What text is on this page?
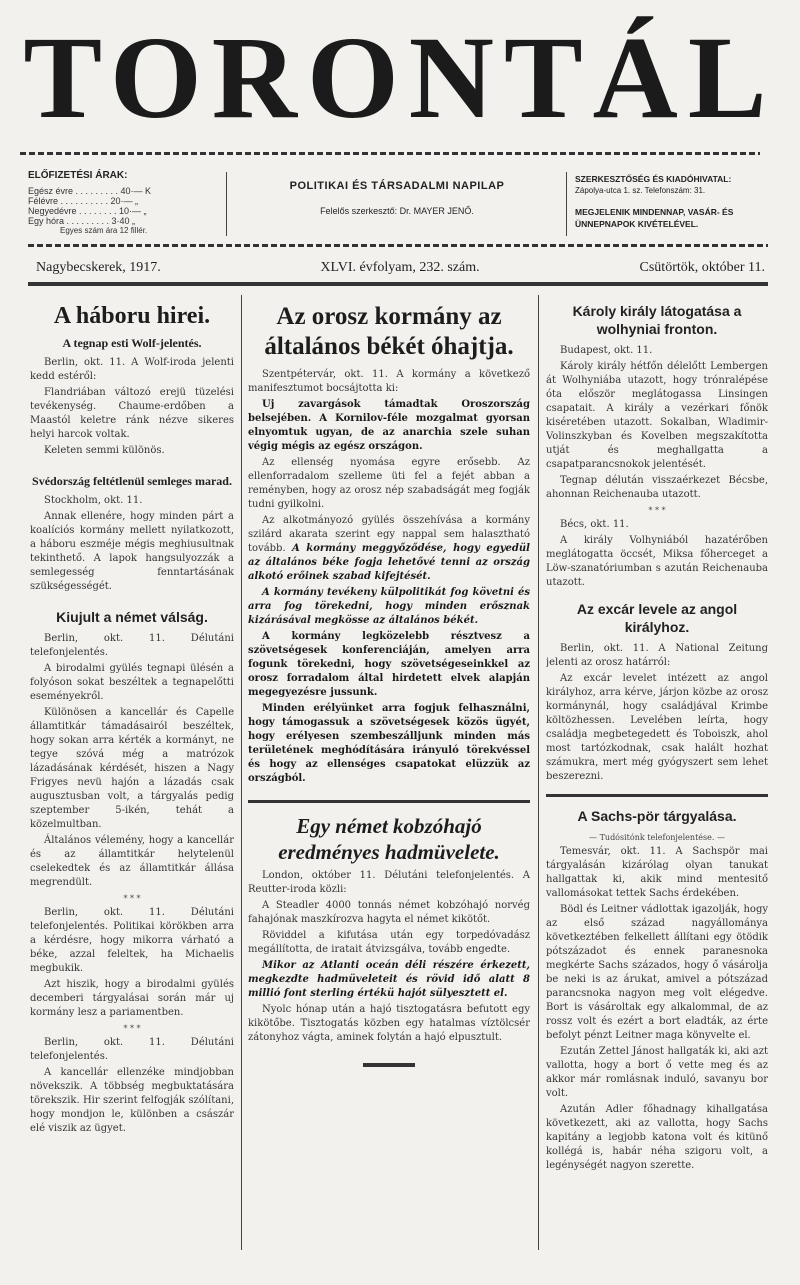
TORONTÁL
ELŐFIZETÉSI ÁRAK:
Egész évre . . . . . . . . . 40·— K
Félévre . . . . . . . . . . 20·— „
Negyedévre . . . . . . . . 10·— „
Egy hóra . . . . . . . . . 3·40 „
Egyes szám ára 12 fillér.
POLITIKAI ÉS TÁRSADALMI NAPILAP
Felelős szerkesztő: Dr. MAYER JENŐ.
SZERKESZTŐSÉG ÉS KIADÓHIVATAL:
Zápolya-utca 1. sz. Telefonszám: 31.
MEGJELENIK MINDENNAP, VASÁR- ÉS ÜNNEPNAPOK KIVÉTELÉVEL.
Nagybecskerek, 1917.	XLVI. évfolyam, 232. szám.	Csütörtök, október 11.
A háboru hirei.
A tegnap esti Wolf-jelentés.

Berlin, okt. 11. A Wolf-iroda jelenti kedd estéről:

Flandriában változó erejü tüzelési tevékenység. Chaume-erdőben a Maastól keletre ránk nézve sikeres helyi harcok voltak.

Keleten semmi különös.

Svédország feltétlenül semleges marad.

Stockholm, okt. 11.

Annak ellenére, hogy minden párt a koalíciós kormány mellett nyilatkozott, a háboru eszméje mégis meghiusultnak tekinthető. A lapok hangsulyozzák a semlegesség fenntartásának szükségességét.

Kiujult a német válság.

Berlin, okt. 11. Délutáni telefonjelentés.

A birodalmi gyülés tegnapi ülésén a folyóson sokat beszéltek a tegnapelőtti eseményekről.

Különösen a kancellár és Capelle államtitkár támadásairól beszéltek, hogy sokan arra kérték a kormányt, ne tegye szóvá még a matrózok lázadásának kérdését, hiszen a Nagy Frigyes nevü hajón a lázadás csak augusztusban volt, a tárgyalás pedig szeptember 5-ikén, tehát a közelmultban.

Általános vélemény, hogy a kancellár és az államtitkár helytelenül cselekedtek és az államtitkár állása megrendült.

* * *

Berlin, okt. 11. Délutáni telefonjelentés. Politikai körökben arra a kérdésre, hogy mikorra várható a béke, azzal feleltek, ha Michaelis megbukik.

Azt hiszik, hogy a birodalmi gyülés decemberi tárgyalásai során már uj kormány lesz a pariamentben.

* * *

Berlin, okt. 11. Délutáni telefonjelentés.

A kancellár ellenzéke mindjobban növekszik. A többség megbuktatására törekszik. Hir szerint felfogják szólítani, hogy mondjon le, különben a császár elé viszik az ügyet.

Az orosz kormány az általános békét óhajtja.

Szentpétervár, okt. 11. A kormány a következő manifesztumot bocsájtotta ki:

Uj zavargások támadtak Oroszország belsejében. A Kornilov-féle mozgalmat gyorsan elnyomtuk ugyan, de az anarchia szele suhan végig mégis az egész országon.

Az ellenség nyomása egyre erősebb. Az ellenforradalom szelleme üti fel a fejét abban a reményben, hogy az orosz nép szabadságát meg fogják tudni gyilkolni.

Az alkotmányozó gyülés összehívása a kormány szilárd akarata szerint egy nappal sem halasztható tovább. A kormány meggyőződése, hogy egyedül az általános béke fogja lehetővé tenni az ország alkotó erőinek szabad kifejtését.

A kormány tevékeny külpolitikát fog követni és arra fog törekedni, hogy minden erősznak kizárásával megkösse az általános békét.

A kormány legközelebb résztvesz a szövetségesek konferenciáján, amelyen arra fogunk törekedni, hogy szövetségeseinkkel az orosz forradalom által hirdetett elvek alapján megegyezésre jussunk.

Minden erélyünket arra fogjuk felhasználni, hogy támogassuk a szövetségesek közös ügyét, hogy erélyesen szembeszálljunk minden más területének meghódítására irányuló törekvéssel és hogy az ellenséges csapatokat elüzzük az országból.

Egy német kobzóhajó eredményes hadmüvelete.

London, október 11. Délutáni telefonjelentés. A Reutter-iroda közli:

A Steadler 4000 tonnás német kobzóhajó norvég fahajónak maszkírozva hagyta el német kikötőt.

Röviddel a kifutása után egy torpedóvadász megállította, de iratait átvizsgálva, tovább engedte.

Mikor az Atlanti oceán déli részére érkezett, megkezdte hadmüveleteit és rövid idő alatt 8 millió font sterling értékü hajót sülyesztett el.

Nyolc hónap után a hajó tisztogatásra befutott egy kikötőbe. Tisztogatás közben egy hatalmas víztölcsér zátonyhoz vágta, aminek folytán a hajó elpusztult.

Károly király látogatása a wolhyniai fronton.

Budapest, okt. 11.

Károly király hétfőn délelőtt Lembergen át Wolhyniába utazott, hogy trónralépése óta először meglátogassa Linsingen csapatait. A király a vezérkari főnök kiséretében utazott. Sokalban, Wladimir-Volinszkyban és Kovelben megszakította utját és meghallgatta a csapatparancsnokok jelentését.

Tegnap délután visszaérkezet Bécsbe, ahonnan Reichenauba utazott.

* * *

Bécs, okt. 11.

A király Volhyniából hazatérőben meglátogatta öccsét, Miksa főherceget a Löw-szanatóriumban s azután Reichenauba utazott.

Az excár levele az angol királyhoz.

Berlin, okt. 11. A National Zeitung jelenti az orosz határról:

Az excár levelet intézett az angol királyhoz, arra kérve, járjon közbe az orosz kormánynál, hogy családjával Krimbe költözhessen. Levelében leírta, hogy családja megbetegedett és Toboiszk, ahol most tartózkodnak, csak halált hozhat számukra, mert még gyógyszert sem lehet beszerezni.

A Sachs-pör tárgyalása.
— Tudósitónk telefonjelentése. —

Temesvár, okt. 11. A Sachspör mai tárgyalásán kizárólag olyan tanukat hallgattak ki, akik mind mentesitő vallomásokat tettek Sachs érdekében.

Bödl és Leitner vádlottak igazolják, hogy az első század nagyállománya következtében felkellett állítani egy ötödik pótszázadot és ennek paranesnoka megkérte Sachs százados, hogy ő vásárolja be neki is az árukat, amivel a pótszázad parancsnoka nagyon meg volt elégedve. Bort is vásároltak egy alkalommal, de az rossz volt és ezért a bort eladták, az érte befolyt pénzt Leitner maga könyvelte el.

Ezután Zettel Jánost hallgaták ki, aki azt vallotta, hogy a bort ő vette meg és az akkor már romlásnak induló, savanyu bor volt.

Azután Adler főhadnagy kihallgatása következett, aki az vallotta, hogy Sachs kapitány a legjobb katona volt és kitünő kollégá is, habár néha szigoru volt, a legénységét nagyon szerette.
